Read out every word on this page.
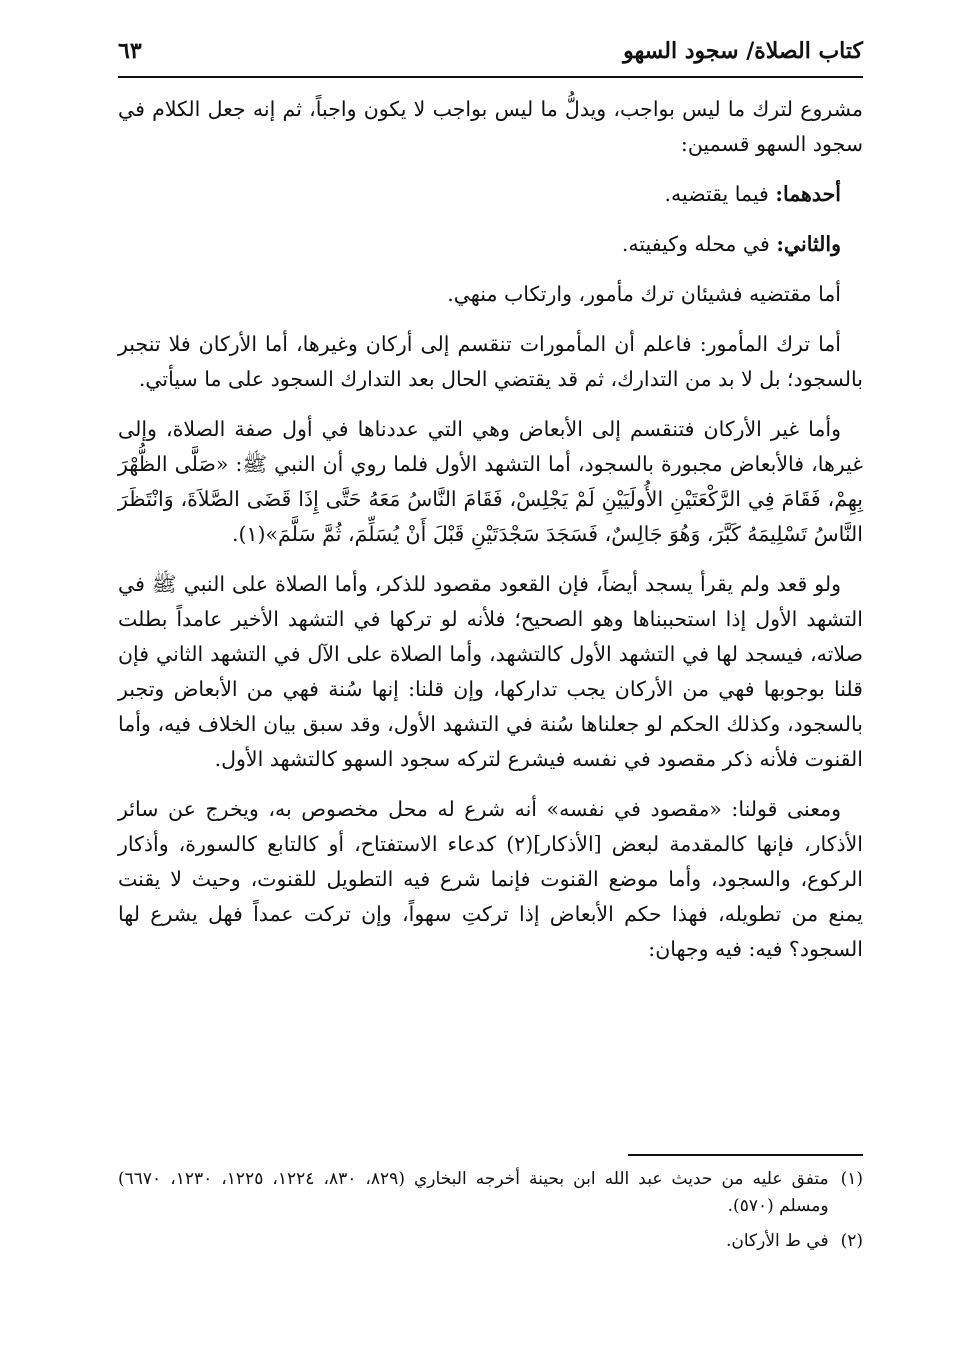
كتاب الصلاة/ سجود السهو
٦٣

مشروع لترك ما ليس بواجب، ويدلُّ ما ليس بواجب لا يكون واجباً، ثم إنه جعل الكلام في سجود السهو قسمين:

أحدهما: فيما يقتضيه.

والثاني: في محله وكيفيته.

أما مقتضيه فشيئان ترك مأمور، وارتكاب منهي.

أما ترك المأمور: فاعلم أن المأمورات تنقسم إلى أركان وغيرها، أما الأركان فلا تنجبر بالسجود؛ بل لا بد من التدارك، ثم قد يقتضي الحال بعد التدارك السجود على ما سيأتي.

وأما غير الأركان فتنقسم إلى الأبعاض وهي التي عددناها في أول صفة الصلاة، وإلى غيرها، فالأبعاض مجبورة بالسجود، أما التشهد الأول فلما روي أن النبي ﷺ: «صَلَّى الظُّهْرَ بِهِمْ، فَقَامَ فِي الرَّكْعَتَيْنِ الأُولَيَيْنِ لَمْ يَجْلِسْ، فَقَامَ النَّاسُ مَعَهُ حَتَّى إِذَا قَضَى الصَّلاَةَ، وَانْتَظَرَ النَّاسُ تَسْلِيمَهُ كَبَّرَ، وَهُوَ جَالِسٌ، فَسَجَدَ سَجْدَتَيْنِ قَبْلَ أَنْ يُسَلِّمَ، ثُمَّ سَلَّمَ»(١).

ولو قعد ولم يقرأ يسجد أيضاً، فإن القعود مقصود للذكر، وأما الصلاة على النبي ﷺ في التشهد الأول إذا استحببناها وهو الصحيح؛ فلأنه لو تركها في التشهد الأخير عامداً بطلت صلاته، فيسجد لها في التشهد الأول كالتشهد، وأما الصلاة على الآل في التشهد الثاني فإن قلنا بوجوبها فهي من الأركان يجب تداركها، وإن قلنا: إنها سُنة فهي من الأبعاض وتجبر بالسجود، وكذلك الحكم لو جعلناها سُنة في التشهد الأول، وقد سبق بيان الخلاف فيه، وأما القنوت فلأنه ذكر مقصود في نفسه فيشرع لتركه سجود السهو كالتشهد الأول.

ومعنى قولنا: «مقصود في نفسه» أنه شرع له محل مخصوص به، ويخرج عن سائر الأذكار، فإنها كالمقدمة لبعض [الأذكار](٢) كدعاء الاستفتاح، أو كالتابع كالسورة، وأذكار الركوع، والسجود، وأما موضع القنوت فإنما شرع فيه التطويل للقنوت، وحيث لا يقنت يمنع من تطويله، فهذا حكم الأبعاض إذا تركتِ سهواً، وإن تركت عمداً فهل يشرع لها السجود؟ فيه: فيه وجهان:

(١)
متفق عليه من حديث عبد الله ابن بحينة أخرجه البخاري (٨٢٩، ٨٣٠، ١٢٢٤، ١٢٢٥، ١٢٣٠، ٦٦٧٠) ومسلم (٥٧٠).
(٢)
في ط الأركان.
